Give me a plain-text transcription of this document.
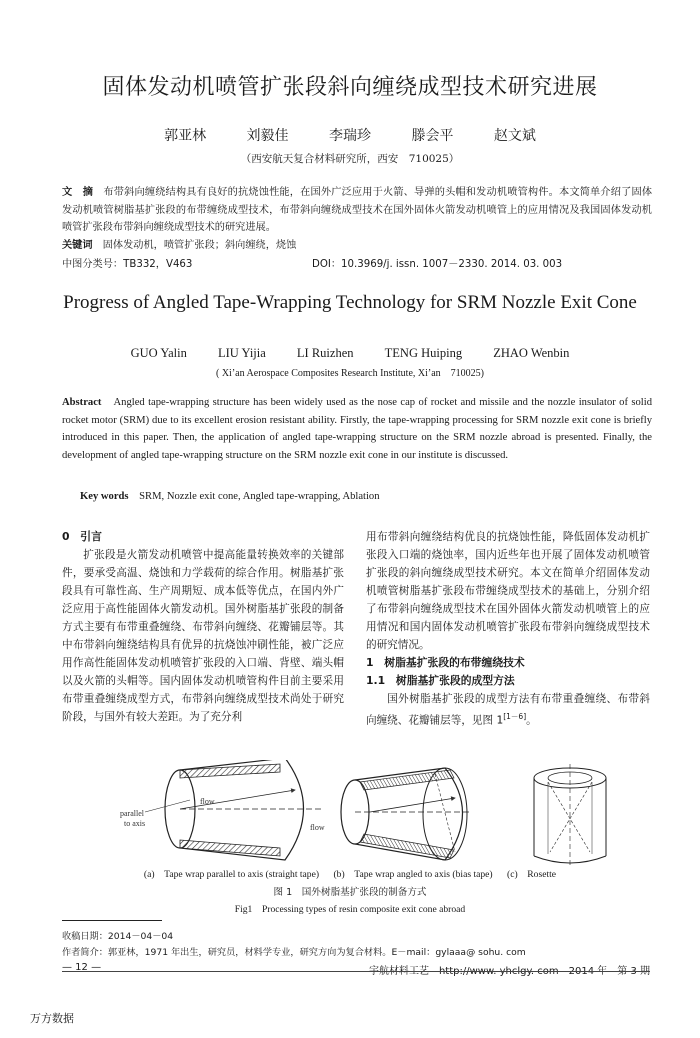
固体发动机喷管扩张段斜向缠绕成型技术研究进展
郭亚林	刘毅佳	李瑞珍	滕会平	赵文斌
（西安航天复合材料研究所，西安　710025）
文　摘　 布带斜向缠绕结构具有良好的抗烧蚀性能，在国外广泛应用于火箭、导弹的头帽和发动机喷管构件。本文简单介绍了固体发动机喷管树脂基扩张段的布带缠绕成型技术，布带斜向缠绕成型技术在国外固体火箭发动机喷管上的应用情况及我国固体发动机喷管扩张段布带斜向缠绕成型技术的研究进展。
关键词　 固体发动机，喷管扩张段；斜向缠绕，烧蚀
中图分类号：TB332，V463	DOI：10.3969/j. issn. 1007－2330. 2014. 03. 003
Progress of Angled Tape-Wrapping Technology for SRM Nozzle Exit Cone
GUO Yalin LIU Yijia LI Ruizhen TENG Huiping ZHAO Wenbin
( Xi’an Aerospace Composites Research Institute, Xi’an　710025)
Abstract　 Angled tape-wrapping structure has been widely used as the nose cap of rocket and missile and the nozzle insulator of solid rocket motor (SRM) due to its excellent erosion resistant ability. Firstly, the tape-wrapping processing for SRM nozzle exit cone is briefly introduced in this paper. Then, the application of angled tape-wrapping structure on the SRM nozzle abroad is presented. Finally, the development of angled tape-wrapping structure on the SRM nozzle exit cone in our institute is discussed.
Key words　 SRM, Nozzle exit cone, Angled tape-wrapping, Ablation
0　引言
扩张段是火箭发动机喷管中提高能量转换效率的关键部件，要承受高温、烧蚀和力学载荷的综合作用。树脂基扩张段具有可靠性高、生产周期短、成本低等优点，在国内外广泛应用于高性能固体火箭发动机。国外树脂基扩张段的制备方式主要有布带重叠缠绕、布带斜向缠绕、花瓣铺层等。其中布带斜向缠绕结构具有优异的抗烧蚀冲刷性能，被广泛应用作高性能固体发动机喷管扩张段的入口端、背壁、端头帽以及火箭的头帽等。国内固体发动机喷管构件目前主要采用布带重叠缠绕成型方式，布带斜向缠绕成型技术尚处于研究阶段，与国外有较大差距。为了充分利
用布带斜向缠绕结构优良的抗烧蚀性能，降低固体发动机扩张段入口端的烧蚀率，国内近些年也开展了固体发动机喷管扩张段的斜向缠绕成型技术研究。本文在简单介绍固体发动机喷管树脂基扩张段布带缠绕成型技术的基础上，分别介绍了布带斜向缠绕成型技术在国外固体火箭发动机喷管上的应用情况和国内固体发动机喷管扩张段布带斜向缠绕成型技术的研究情况。
1　树脂基扩张段的布带缠绕技术
1.1　树脂基扩张段的成型方法
国外树脂基扩张段的成型方法有布带重叠缠绕、布带斜向缠绕、花瓣铺层等，见图 1[1－6]。
parallel
to axis
flow
flow
(a)　Tape wrap parallel to axis (straight tape) (b)　Tape wrap angled to axis (bias tape) (c)　Rosette
图 1　国外树脂基扩张段的制备方式
Fig1　Processing types of resin composite exit cone abroad
收稿日期：2014－04－04
作者简介：郭亚林，1971 年出生，研究员，材料学专业，研究方向为复合材料。E－mail：gylaaa@ sohu. com
— 12 —	宇航材料工艺　http://www. yhclgy. com　2014 年　第 3 期
万方数据
